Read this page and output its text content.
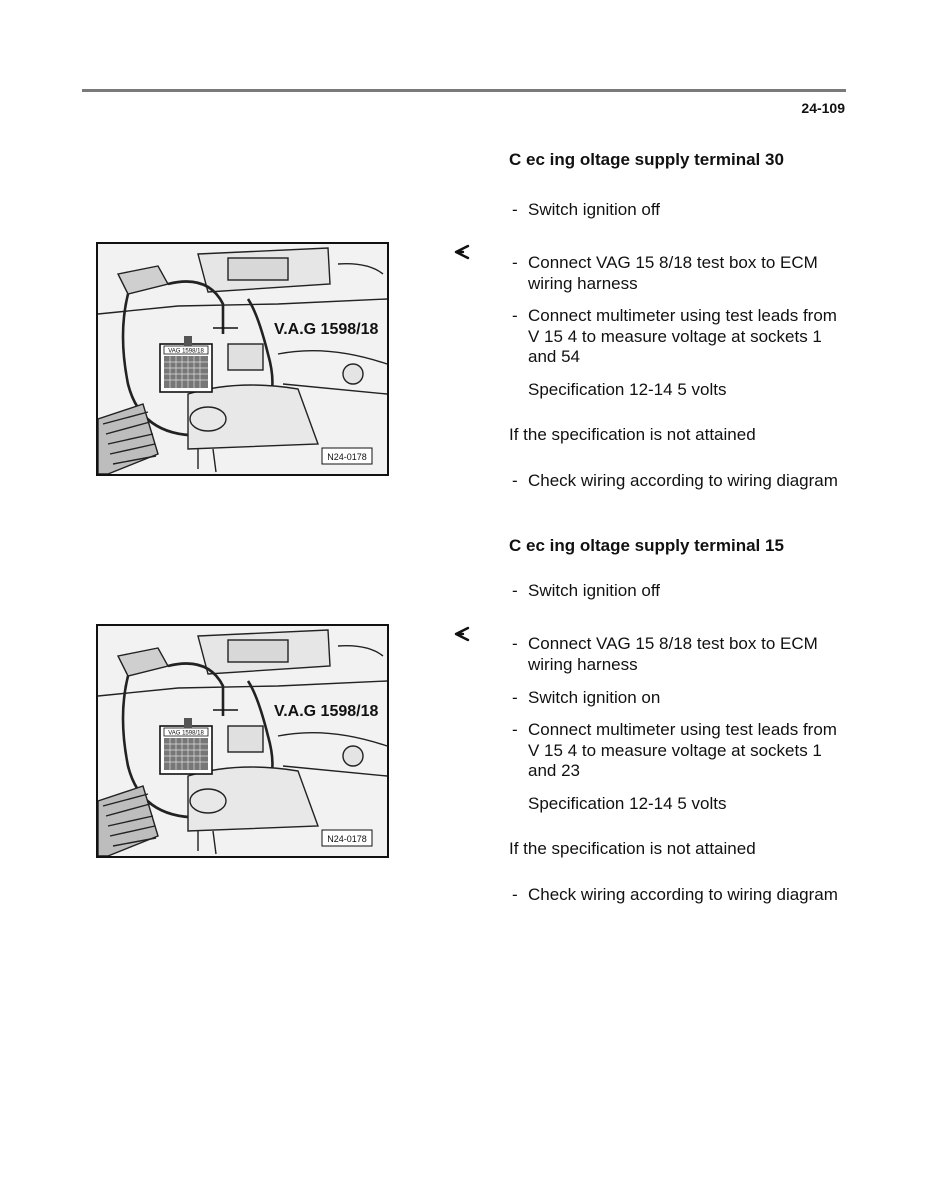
24-109
C ec ing oltage supply terminal 30
- Switch ignition off
- Connect VAG 15 8/18 test box to ECM wiring harness
- Connect multimeter using test leads from V 15 4 to measure voltage at sockets 1 and 54
Specification 12-14 5 volts
If the specification is not attained
- Check wiring according to wiring diagram
VAG 1598/18
V.A.G 1598/18
N24-0178
C ec ing oltage supply terminal 15
- Switch ignition off
- Connect VAG 15 8/18 test box to ECM wiring harness
- Switch ignition on
- Connect multimeter using test leads from V 15 4 to measure voltage at sockets 1 and 23
Specification 12-14 5 volts
If the specification is not attained
- Check wiring according to wiring diagram
VAG 1598/18
V.A.G 1598/18
N24-0178
